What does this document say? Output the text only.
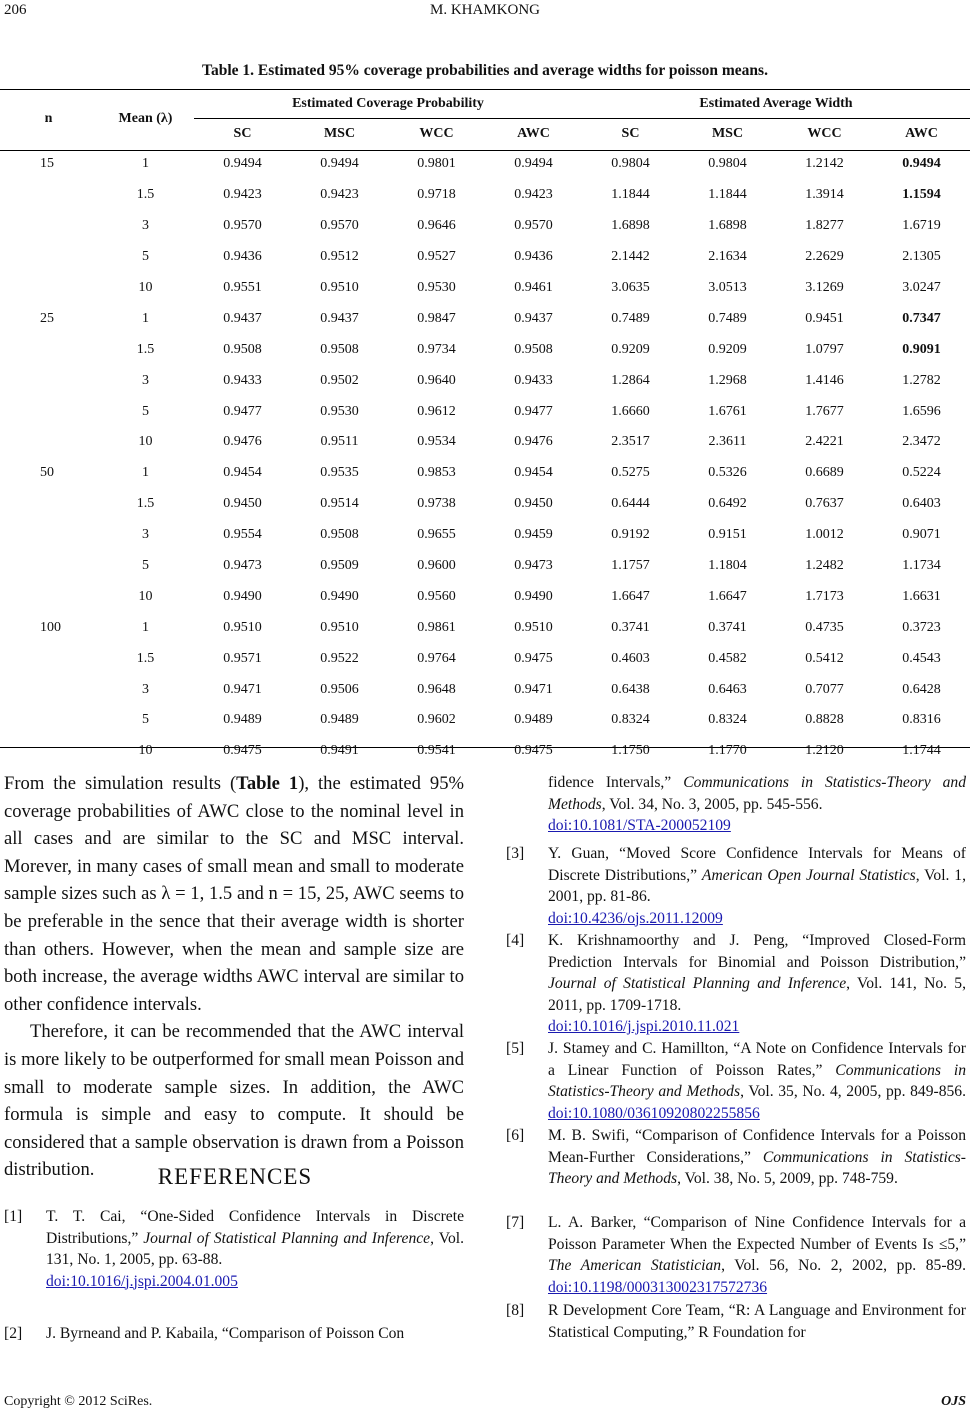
206	M. KHAMKONG
Table 1. Estimated 95% coverage probabilities and average widths for poisson means.
n	Mean (λ)	Estimated Coverage Probability				Estimated Average Width			
		SC	MSC	WCC	AWC	SC	MSC	WCC	AWC
15	1	0.9494	0.9494	0.9801	0.9494	0.9804	0.9804	1.2142	0.9494
	1.5	0.9423	0.9423	0.9718	0.9423	1.1844	1.1844	1.3914	1.1594
	3	0.9570	0.9570	0.9646	0.9570	1.6898	1.6898	1.8277	1.6719
	5	0.9436	0.9512	0.9527	0.9436	2.1442	2.1634	2.2629	2.1305
	10	0.9551	0.9510	0.9530	0.9461	3.0635	3.0513	3.1269	3.0247
25	1	0.9437	0.9437	0.9847	0.9437	0.7489	0.7489	0.9451	0.7347
	1.5	0.9508	0.9508	0.9734	0.9508	0.9209	0.9209	1.0797	0.9091
	3	0.9433	0.9502	0.9640	0.9433	1.2864	1.2968	1.4146	1.2782
	5	0.9477	0.9530	0.9612	0.9477	1.6660	1.6761	1.7677	1.6596
	10	0.9476	0.9511	0.9534	0.9476	2.3517	2.3611	2.4221	2.3472
50	1	0.9454	0.9535	0.9853	0.9454	0.5275	0.5326	0.6689	0.5224
	1.5	0.9450	0.9514	0.9738	0.9450	0.6444	0.6492	0.7637	0.6403
	3	0.9554	0.9508	0.9655	0.9459	0.9192	0.9151	1.0012	0.9071
	5	0.9473	0.9509	0.9600	0.9473	1.1757	1.1804	1.2482	1.1734
	10	0.9490	0.9490	0.9560	0.9490	1.6647	1.6647	1.7173	1.6631
100	1	0.9510	0.9510	0.9861	0.9510	0.3741	0.3741	0.4735	0.3723
	1.5	0.9571	0.9522	0.9764	0.9475	0.4603	0.4582	0.5412	0.4543
	3	0.9471	0.9506	0.9648	0.9471	0.6438	0.6463	0.7077	0.6428
	5	0.9489	0.9489	0.9602	0.9489	0.8324	0.8324	0.8828	0.8316
	10	0.9475	0.9491	0.9541	0.9475	1.1750	1.1770	1.2120	1.1744

From the simulation results (Table 1), the estimated 95% coverage probabilities of AWC close to the nominal level in all cases and are similar to the SC and MSC interval. Morever, in many cases of small mean and small to moderate sample sizes such as λ = 1, 1.5 and n = 15, 25, AWC seems to be preferable in the sence that their average width is shorter than others. However, when the mean and sample size are both increase, the average widths AWC interval are similar to other confidence intervals.

Therefore, it can be recommended that the AWC interval is more likely to be outperformed for small mean Poisson and small to moderate sample sizes. In addition, the AWC formula is simple and easy to compute. It should be considered that a sample observation is drawn from a Poisson distribution.	REFERENCES
[1] T. T. Cai, “One-Sided Confidence Intervals in Discrete Distributions,” Journal of Statistical Planning and Inference, Vol. 131, No. 1, 2005, pp. 63-88.
doi:10.1016/j.jspi.2004.01.005
[2] J. Byrneand and P. Kabaila, “Comparison of Poisson Con
fidence Intervals,” Communications in Statistics-Theory and Methods, Vol. 34, No. 3, 2005, pp. 545-556.
doi:10.1081/STA-200052109
[3] Y. Guan, “Moved Score Confidence Intervals for Means of Discrete Distributions,” American Open Journal Statistics, Vol. 1, 2001, pp. 81-86.
doi:10.4236/ojs.2011.12009
[4] K. Krishnamoorthy and J. Peng, “Improved Closed-Form Prediction Intervals for Binomial and Poisson Distribution,” Journal of Statistical Planning and Inference, Vol. 141, No. 5, 2011, pp. 1709-1718.
doi:10.1016/j.jspi.2010.11.021
[5] J. Stamey and C. Hamillton, “A Note on Confidence Intervals for a Linear Function of Poisson Rates,” Communications in Statistics-Theory and Methods, Vol. 35, No. 4, 2005, pp. 849-856. doi:10.1080/03610920802255856
[6] M. B. Swifi, “Comparison of Confidence Intervals for a Poisson Mean-Further Considerations,” Communications in Statistics-Theory and Methods, Vol. 38, No. 5, 2009, pp. 748-759.
[7] L. A. Barker, “Comparison of Nine Confidence Intervals for a Poisson Parameter When the Expected Number of Events Is ≤5,” The American Statistician, Vol. 56, No. 2, 2002, pp. 85-89. doi:10.1198/000313002317572736
[8] R Development Core Team, “R: A Language and Environment for Statistical Computing,” R Foundation for
Copyright © 2012 SciRes.	OJS
